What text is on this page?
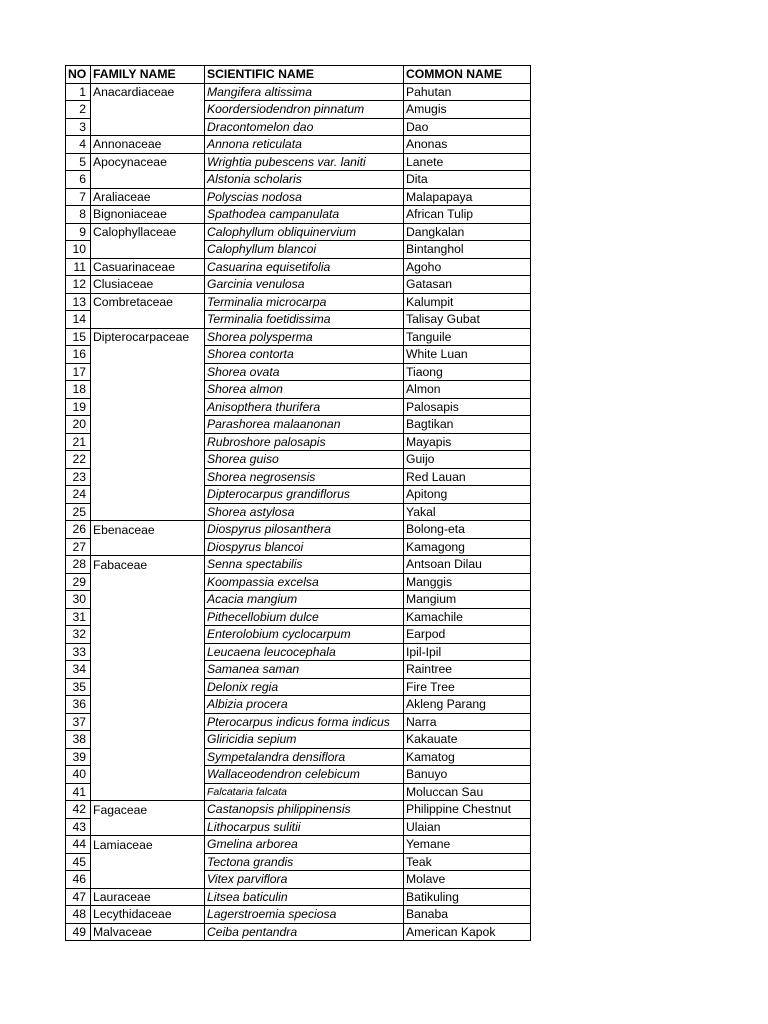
NO	FAMILY NAME	SCIENTIFIC NAME	COMMON NAME
1	Anacardiaceae	Mangifera altissima	Pahutan
2		Koordersiodendron pinnatum	Amugis
3		Dracontomelon dao	Dao
4	Annonaceae	Annona reticulata	Anonas
5	Apocynaceae	Wrightia pubescens var. laniti	Lanete
6		Alstonia scholaris	Dita
7	Araliaceae	Polyscias nodosa	Malapapaya
8	Bignoniaceae	Spathodea campanulata	African Tulip
9	Calophyllaceae	Calophyllum obliquinervium	Dangkalan
10		Calophyllum blancoi	Bintanghol
11	Casuarinaceae	Casuarina equisetifolia	Agoho
12	Clusiaceae	Garcinia venulosa	Gatasan
13	Combretaceae	Terminalia microcarpa	Kalumpit
14		Terminalia foetidissima	Talisay Gubat
15	Dipterocarpaceae	Shorea polysperma	Tanguile
16		Shorea contorta	White Luan
17		Shorea ovata	Tiaong
18		Shorea almon	Almon
19		Anisopthera thurifera	Palosapis
20		Parashorea malaanonan	Bagtikan
21		Rubroshore palosapis	Mayapis
22		Shorea guiso	Guijo
23		Shorea negrosensis	Red Lauan
24		Dipterocarpus grandiflorus	Apitong
25		Shorea astylosa	Yakal
26	Ebenaceae	Diospyrus pilosanthera	Bolong-eta
27		Diospyrus blancoi	Kamagong
28	Fabaceae	Senna spectabilis	Antsoan Dilau
29		Koompassia excelsa	Manggis
30		Acacia mangium	Mangium
31		Pithecellobium dulce	Kamachile
32		Enterolobium cyclocarpum	Earpod
33		Leucaena leucocephala	Ipil-Ipil
34		Samanea saman	Raintree
35		Delonix regia	Fire Tree
36		Albizia procera	Akleng Parang
37		Pterocarpus indicus forma indicus	Narra
38		Gliricidia sepium	Kakauate
39		Sympetalandra densiflora	Kamatog
40		Wallaceodendron celebicum	Banuyo
41		Falcataria falcata	Moluccan Sau
42	Fagaceae	Castanopsis philippinensis	Philippine Chestnut
43		Lithocarpus sulitii	Ulaian
44	Lamiaceae	Gmelina arborea	Yemane
45		Tectona grandis	Teak
46		Vitex parviflora	Molave
47	Lauraceae	Litsea baticulin	Batikuling
48	Lecythidaceae	Lagerstroemia speciosa	Banaba
49	Malvaceae	Ceiba pentandra	American Kapok
